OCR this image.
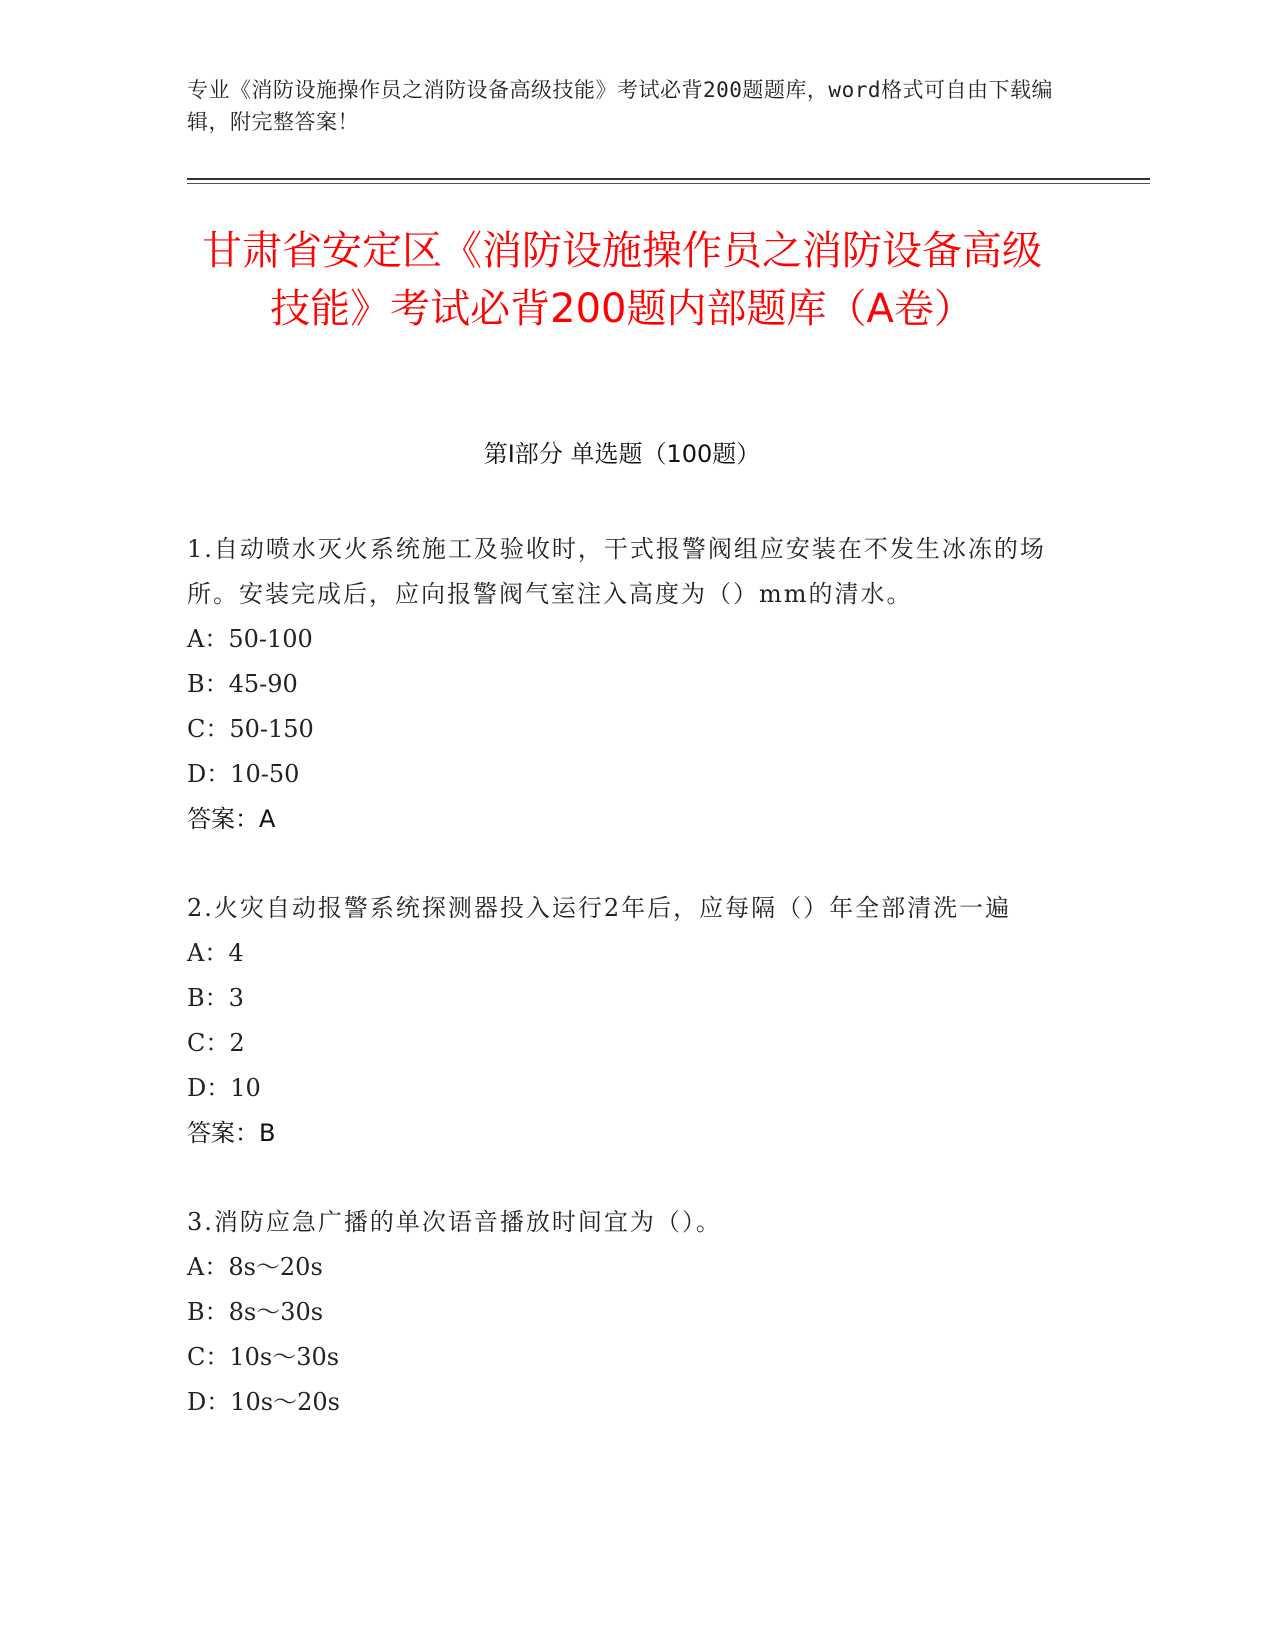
专业《消防设施操作员之消防设备高级技能》考试必背200题题库，word格式可自由下载编辑，附完整答案！
甘肃省安定区《消防设施操作员之消防设备高级技能》考试必背200题内部题库（A卷）
第I部分 单选题（100题）
1.自动喷水灭火系统施工及验收时，干式报警阀组应安装在不发生冰冻的场所。安装完成后，应向报警阀气室注入高度为（）mm的清水。
A：50-100
B：45-90
C：50-150
D：10-50
答案：A
2.火灾自动报警系统探测器投入运行2年后，应每隔（）年全部清洗一遍
A：4
B：3
C：2
D：10
答案：B
3.消防应急广播的单次语音播放时间宜为（）。
A：8s～20s
B：8s～30s
C：10s～30s
D：10s～20s
